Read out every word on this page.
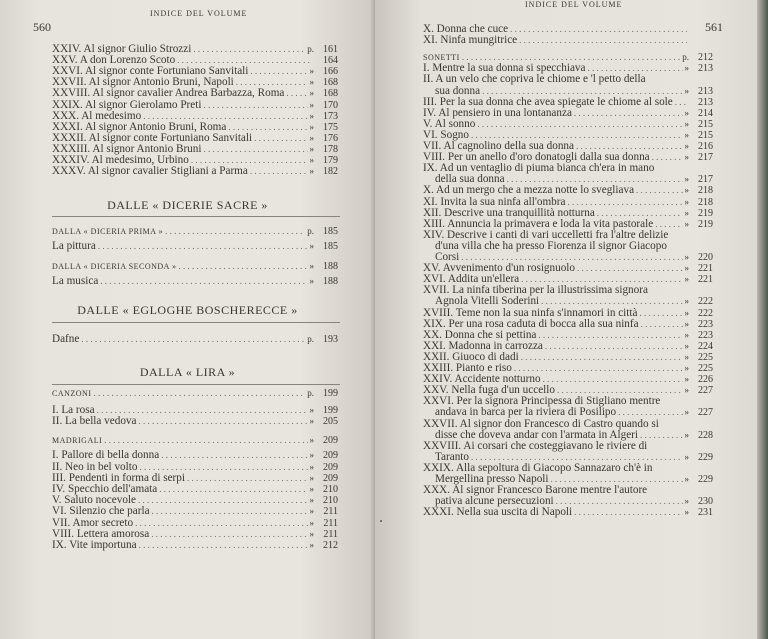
560
INDICE DEL VOLUME
XXIV. Al signor Giulio Strozzi . . .	p. 161
XXV. A don Lorenzo Scoto . . .	164
XXVI. Al signor conte Fortuniano Sanvitali . . .	» 166
XXVII. Al signor Antonio Bruni, Napoli . . .	» 168
XXVIII. Al signor cavalier Andrea Barbazza, Roma . . .	» 168
XXIX. Al signor Gierolamo Preti . . .	» 170
XXX. Al medesimo . . .	» 173
XXXI. Al signor Antonio Bruni, Roma . . .	» 175
XXXII. Al signor conte Fortuniano Sanvitali . . .	» 176
XXXIII. Al signor Antonio Bruni . . .	» 178
XXXIV. Al medesimo, Urbino . . .	» 179
XXXV. Al signor cavalier Stigliani a Parma . . .	» 182
DALLA « DICERIA PRIMA » . . .	p. 185
La pittura . . .	» 185
DALLA « DICERIA SECONDA » . . .	» 188
La musica . . .	» 188
Dafne . . .	p. 193
CANZONI . . .	p. 199
I. La rosa . . .	» 199
II. La bella vedova . . .	» 205
MADRIGALI . . .	» 209
I. Pallore di bella donna . . .	» 209
II. Neo in bel volto . . .	» 209
III. Pendenti in forma di serpi . . .	» 209
IV. Specchio dell'amata . . .	» 210
V. Saluto nocevole . . .	» 210
VI. Silenzio che parla . . .	» 211
VII. Amor secreto . . .	» 211
VIII. Lettera amorosa . . .	» 211
IX. Vite importuna . . .	» 212
DALLE « DICERIE SACRE »
DALLE « EGLOGHE BOSCHERECCE »
DALLA « LIRA »
INDICE DEL VOLUME
561
X. Donna che cuce
. . .
XI. Ninfa mungitrice
. . .
SONETTI . . .	p. 212
I. Mentre la sua donna si specchiava . . .	» 213
II. A un velo che copriva le chiome e 'l petto della
sua donna . . .	» 213
III. Per la sua donna che avea spiegate le chiome al sole . . .	213
IV. Al pensiero in una lontananza . . .	» 214
V. Al sonno . . .	» 215
VI. Sogno . . .	» 215
VII. Al cagnolino della sua donna . . .	» 216
VIII. Per un anello d'oro donatogli dalla sua donna . . .	» 217
IX. Ad un ventaglio di piuma bianca ch'era in mano
della sua donna . . .	» 217
X. Ad un mergo che a mezza notte lo svegliava . . .	» 218
XI. Invita la sua ninfa all'ombra . . .	» 218
XII. Descrive una tranquillità notturna . . .	» 219
XIII. Annuncia la primavera e loda la vita pastorale . . .	» 219
XIV. Descrive i canti di vari uccelletti fra l'altre delizie
d'una villa che ha presso Fiorenza il signor Giacopo
Corsi . . .	» 220
XV. Avvenimento d'un rosignuolo . . .	» 221
XVI. Addita un'ellera . . .	» 221
XVII. La ninfa tiberina per la illustrissima signora
Agnola Vitelli Soderini . . .	» 222
XVIII. Teme non la sua ninfa s'innamori in città . . .	» 222
XIX. Per una rosa caduta di bocca alla sua ninfa . . .	» 223
XX. Donna che si pettina . . .	» 223
XXI. Madonna in carrozza . . .	» 224
XXII. Giuoco di dadi . . .	» 225
XXIII. Pianto e riso . . .	» 225
XXIV. Accidente notturno . . .	» 226
XXV. Nella fuga d'un uccello . . .	» 227
XXVI. Per la signora Principessa di Stigliano mentre
andava in barca per la riviera di Posilipo . . .	» 227
XXVII. Al signor don Francesco di Castro quando si
disse che doveva andar con l'armata in Algeri . . .	» 228
XXVIII. Ai corsari che costeggiavano le riviere di
Taranto . . .	» 229
XXIX. Alla sepoltura di Giacopo Sannazaro ch'è in
Mergellina presso Napoli . . .	» 229
XXX. Al signor Francesco Barone mentre l'autore
pativa alcune persecuzioni . . .	» 230
XXXI. Nella sua uscita di Napoli . . .	» 231
